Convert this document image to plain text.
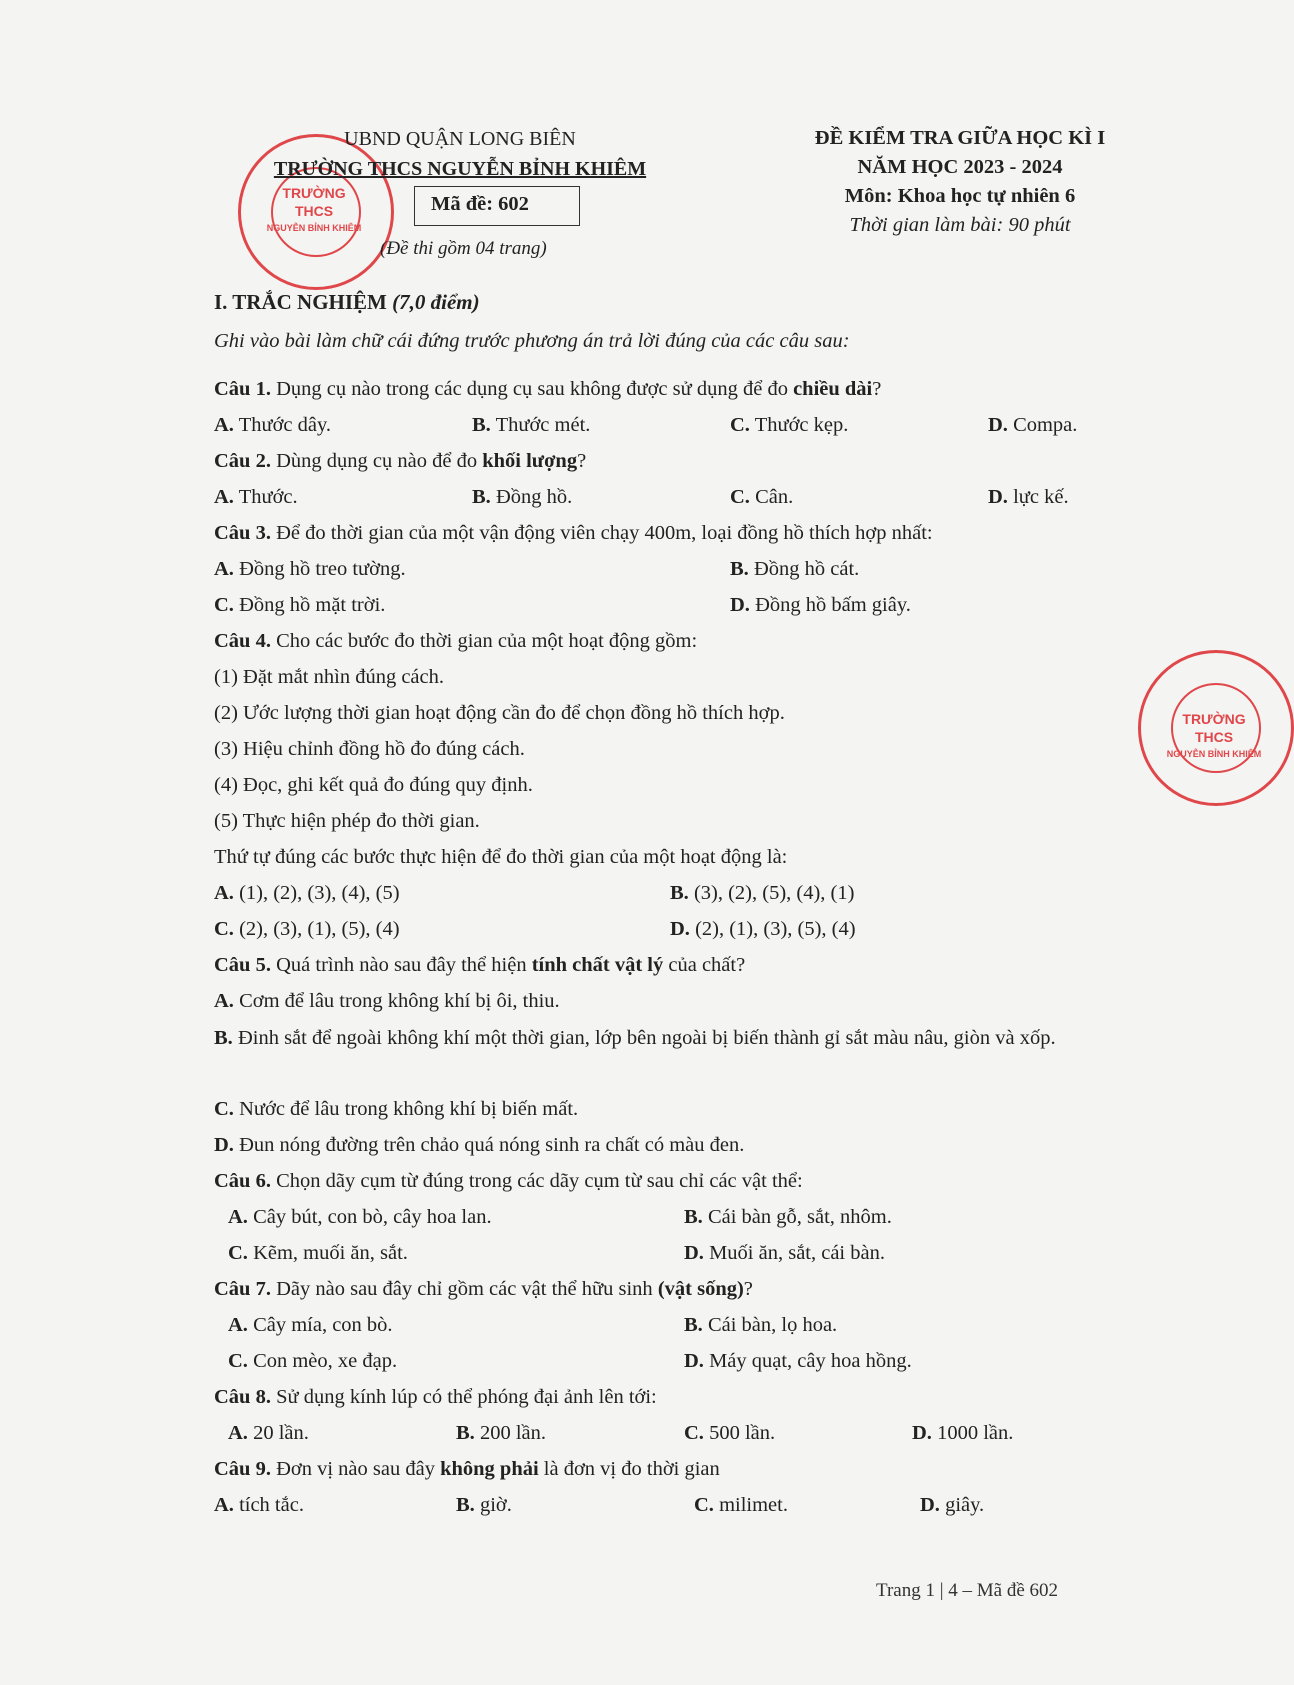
TRƯỜNG
THCS
NGUYỄN BỈNH KHIÊM
TRƯỜNG
THCS
NGUYỄN BỈNH KHIÊM
UBND QUẬN LONG BIÊN
TRƯỜNG THCS NGUYỄN BỈNH KHIÊM
Mã đề: 602
(Đề thi gồm 04 trang)
ĐỀ KIỂM TRA GIỮA HỌC KÌ I
NĂM HỌC 2023 - 2024
Môn: Khoa học tự nhiên 6
Thời gian làm bài: 90 phút
I. TRẮC NGHIỆM (7,0 điểm)
Ghi vào bài làm chữ cái đứng trước phương án trả lời đúng của các câu sau:
Câu 1. Dụng cụ nào trong các dụng cụ sau không được sử dụng để đo chiều dài?
A. Thước dây.	B. Thước mét.	C. Thước kẹp.	D. Compa.
Câu 2. Dùng dụng cụ nào để đo khối lượng?
A. Thước.	B. Đồng hồ.	C. Cân.	D. lực kế.
Câu 3. Để đo thời gian của một vận động viên chạy 400m, loại đồng hồ thích hợp nhất:
A. Đồng hồ treo tường.	B. Đồng hồ cát.
C. Đồng hồ mặt trời.	D. Đồng hồ bấm giây.
Câu 4. Cho các bước đo thời gian của một hoạt động gồm:
(1) Đặt mắt nhìn đúng cách.
(2) Ước lượng thời gian hoạt động cần đo để chọn đồng hồ thích hợp.
(3) Hiệu chỉnh đồng hồ đo đúng cách.
(4) Đọc, ghi kết quả đo đúng quy định.
(5) Thực hiện phép đo thời gian.
Thứ tự đúng các bước thực hiện để đo thời gian của một hoạt động là:
A. (1), (2), (3), (4), (5)	B. (3), (2), (5), (4), (1)
C. (2), (3), (1), (5), (4)	D. (2), (1), (3), (5), (4)
Câu 5. Quá trình nào sau đây thể hiện tính chất vật lý của chất?
A. Cơm để lâu trong không khí bị ôi, thiu.
B. Đinh sắt để ngoài không khí một thời gian, lớp bên ngoài bị biến thành gỉ sắt màu nâu, giòn và xốp.
C. Nước để lâu trong không khí bị biến mất.
D. Đun nóng đường trên chảo quá nóng sinh ra chất có màu đen.
Câu 6. Chọn dãy cụm từ đúng trong các dãy cụm từ sau chỉ các vật thể:
A. Cây bút, con bò, cây hoa lan.	B. Cái bàn gỗ, sắt, nhôm.
C. Kẽm, muối ăn, sắt.	D. Muối ăn, sắt, cái bàn.
Câu 7. Dãy nào sau đây chỉ gồm các vật thể hữu sinh (vật sống)?
A. Cây mía, con bò.	B. Cái bàn, lọ hoa.
C. Con mèo, xe đạp.	D. Máy quạt, cây hoa hồng.
Câu 8. Sử dụng kính lúp có thể phóng đại ảnh lên tới:
A. 20 lần.	B. 200 lần.	C. 500 lần.	D. 1000 lần.
Câu 9. Đơn vị nào sau đây không phải là đơn vị đo thời gian
A. tích tắc.	B. giờ.	C. milimet.	D. giây.
Trang 1 | 4 – Mã đề 602
